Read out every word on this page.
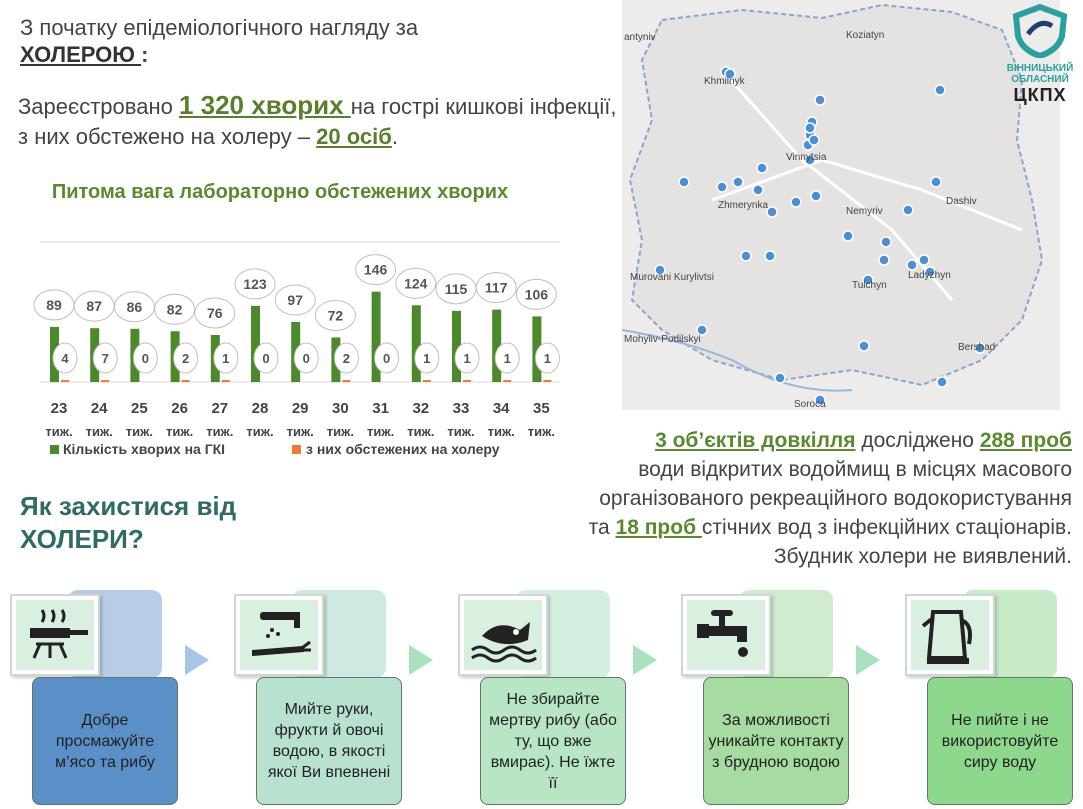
З початку епідеміологічного нагляду за
ХОЛЕРОЮ :
Зареєстровано 1 320 хворих на гострі кишкові інфекції, з них обстежено на холеру – 20 осіб.
Питома вага лабораторно обстежених хворих
89
4
23
тиж.
87
7
24
тиж.
86
0
25
тиж.
82
2
26
тиж.
76
1
27
тиж.
123
0
28
тиж.
97
0
29
тиж.
72
2
30
тиж.
146
0
31
тиж.
124
1
32
тиж.
115
1
33
тиж.
117
1
34
тиж.
106
1
35
тиж.
Кількість хворих на ГКІ	з них обстежених на холеру
Koziatyn
Khmilnyk
Vinnytsia
Zhmerynka
Nemyriv
Dashiv
Ladyzhyn
Tulchyn
Murovani Kurylivtsi
Mohyliv-Podilskyi
Bershad
Soroca
antyniv
ВІННИЦЬКИЙ
ОБЛАСНИЙ
ЦКПХ
3 об’єктів довкілля досліджено 288 проб
води відкритих водоймищ в місцях масового організованого рекреаційного водокористування
та 18 проб стічних вод з інфекційних стаціонарів.
Збудник холери не виявлений.
Як захистися від
ХОЛЕРИ?
Добре просмажуйте м’ясо та рибу
Мийте руки, фрукти й овочі водою, в якості якої Ви впевнені
Не збирайте мертву рибу (або ту, що вже вмирає). Не їжте її
За можливості уникайте контакту з брудною водою
Не пийте і не використовуйте сиру воду
